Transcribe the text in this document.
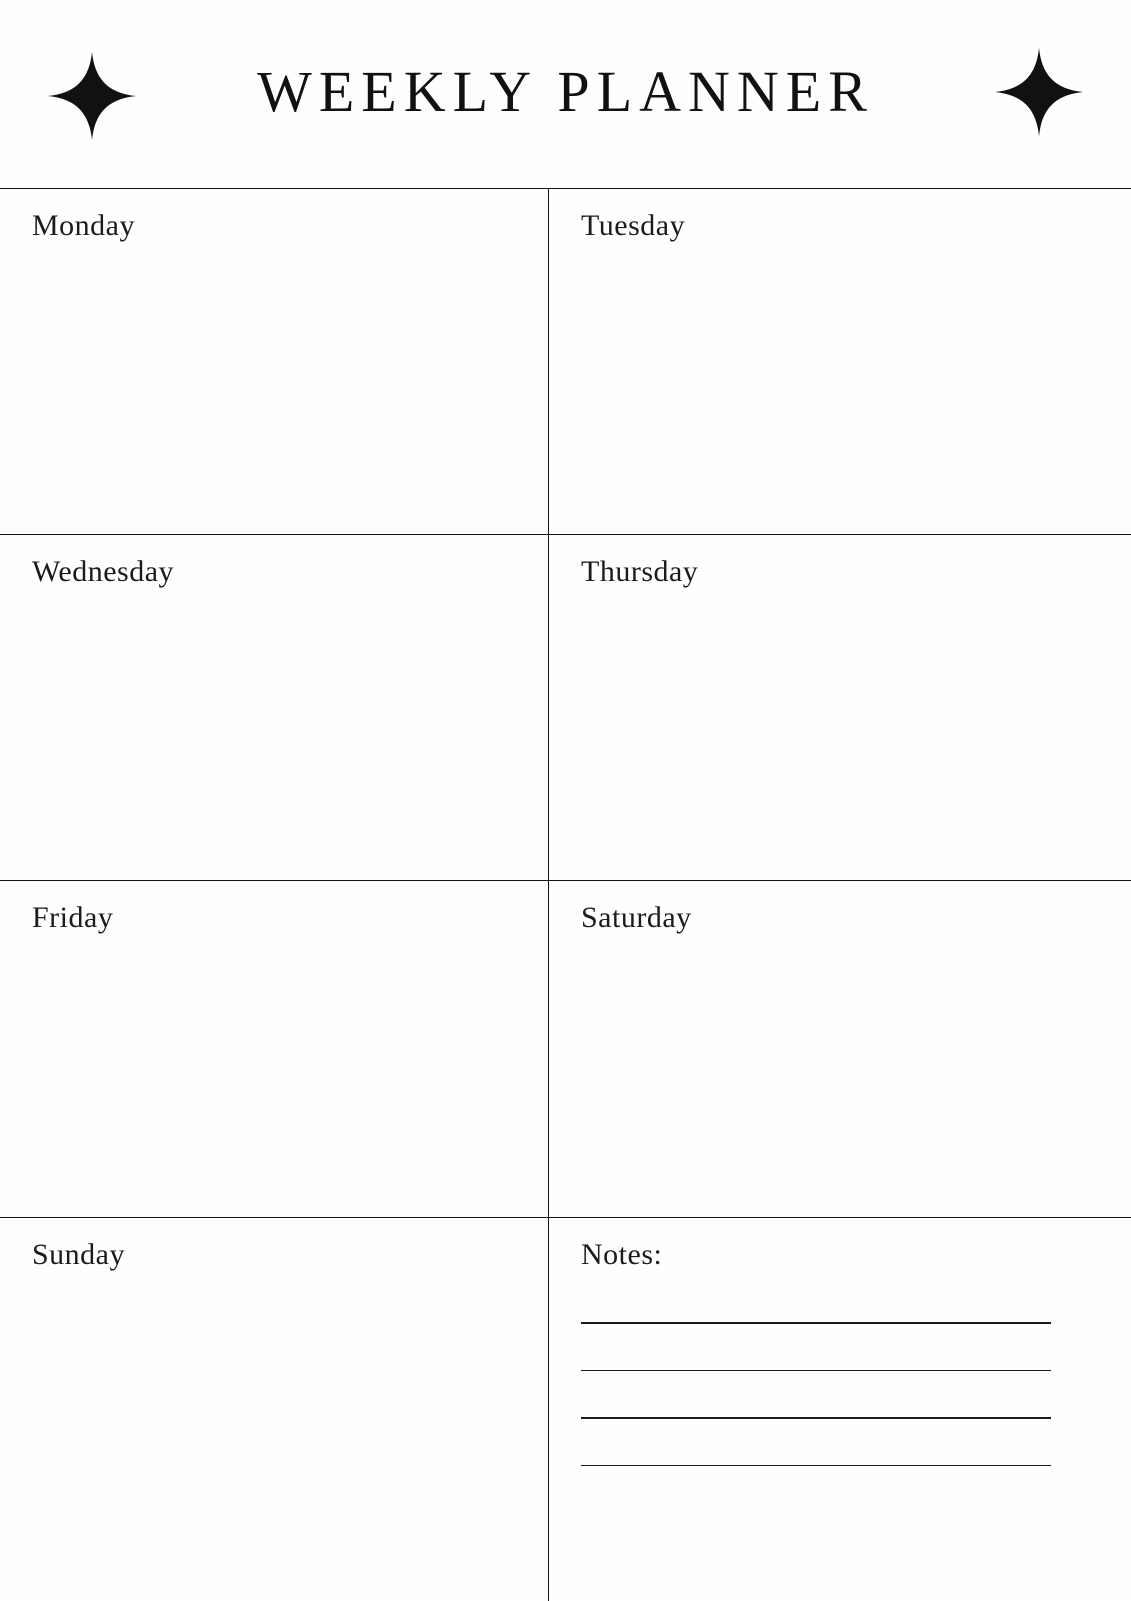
WEEKLY PLANNER
Monday	Tuesday
Wednesday	Thursday
Friday	Saturday
Sunday	Notes:
